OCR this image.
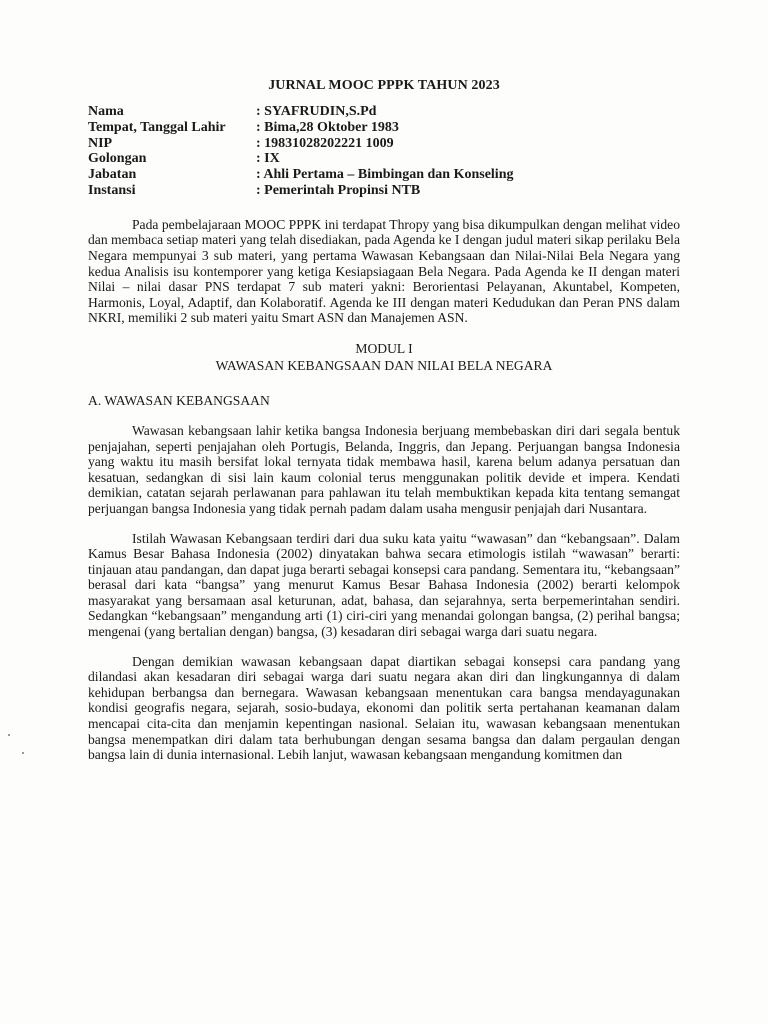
JURNAL MOOC PPPK TAHUN 2023
Nama	: SYAFRUDIN,S.Pd
Tempat, Tanggal Lahir	: Bima,28 Oktober 1983
NIP	: 19831028202221 1009
Golongan	: IX
Jabatan	: Ahli Pertama – Bimbingan dan Konseling
Instansi	: Pemerintah Propinsi NTB

Pada pembelajaraan MOOC PPPK ini terdapat Thropy yang bisa dikumpulkan dengan melihat video dan membaca setiap materi yang telah disediakan, pada Agenda ke I dengan judul materi sikap perilaku Bela Negara mempunyai 3 sub materi, yang pertama Wawasan Kebangsaan dan Nilai-Nilai Bela Negara yang kedua Analisis isu kontemporer yang ketiga Kesiapsiagaan Bela Negara. Pada Agenda ke II dengan materi Nilai – nilai dasar PNS terdapat 7 sub materi yakni: Berorientasi Pelayanan, Akuntabel, Kompeten, Harmonis, Loyal, Adaptif, dan Kolaboratif. Agenda ke III dengan materi Kedudukan dan Peran PNS dalam NKRI, memiliki 2 sub materi yaitu Smart ASN dan Manajemen ASN.

MODUL I

WAWASAN KEBANGSAAN DAN NILAI BELA NEGARA

A. WAWASAN KEBANGSAAN

Wawasan kebangsaan lahir ketika bangsa Indonesia berjuang membebaskan diri dari segala bentuk penjajahan, seperti penjajahan oleh Portugis, Belanda, Inggris, dan Jepang. Perjuangan bangsa Indonesia yang waktu itu masih bersifat lokal ternyata tidak membawa hasil, karena belum adanya persatuan dan kesatuan, sedangkan di sisi lain kaum colonial terus menggunakan politik devide et impera. Kendati demikian, catatan sejarah perlawanan para pahlawan itu telah membuktikan kepada kita tentang semangat perjuangan bangsa Indonesia yang tidak pernah padam dalam usaha mengusir penjajah dari Nusantara.

Istilah Wawasan Kebangsaan terdiri dari dua suku kata yaitu “wawasan” dan “kebangsaan”. Dalam Kamus Besar Bahasa Indonesia (2002) dinyatakan bahwa secara etimologis istilah “wawasan” berarti: tinjauan atau pandangan, dan dapat juga berarti sebagai konsepsi cara pandang. Sementara itu, “kebangsaan” berasal dari kata “bangsa” yang menurut Kamus Besar Bahasa Indonesia (2002) berarti kelompok masyarakat yang bersamaan asal keturunan, adat, bahasa, dan sejarahnya, serta berpemerintahan sendiri. Sedangkan “kebangsaan” mengandung arti (1) ciri-ciri yang menandai golongan bangsa, (2) perihal bangsa; mengenai (yang bertalian dengan) bangsa, (3) kesadaran diri sebagai warga dari suatu negara.

Dengan demikian wawasan kebangsaan dapat diartikan sebagai konsepsi cara pandang yang dilandasi akan kesadaran diri sebagai warga dari suatu negara akan diri dan lingkungannya di dalam kehidupan berbangsa dan bernegara. Wawasan kebangsaan menentukan cara bangsa mendayagunakan kondisi geografis negara, sejarah, sosio-budaya, ekonomi dan politik serta pertahanan keamanan dalam mencapai cita-cita dan menjamin kepentingan nasional. Selaian itu, wawasan kebangsaan menentukan bangsa menempatkan diri dalam tata berhubungan dengan sesama bangsa dan dalam pergaulan dengan bangsa lain di dunia internasional. Lebih lanjut, wawasan kebangsaan mengandung komitmen dan
